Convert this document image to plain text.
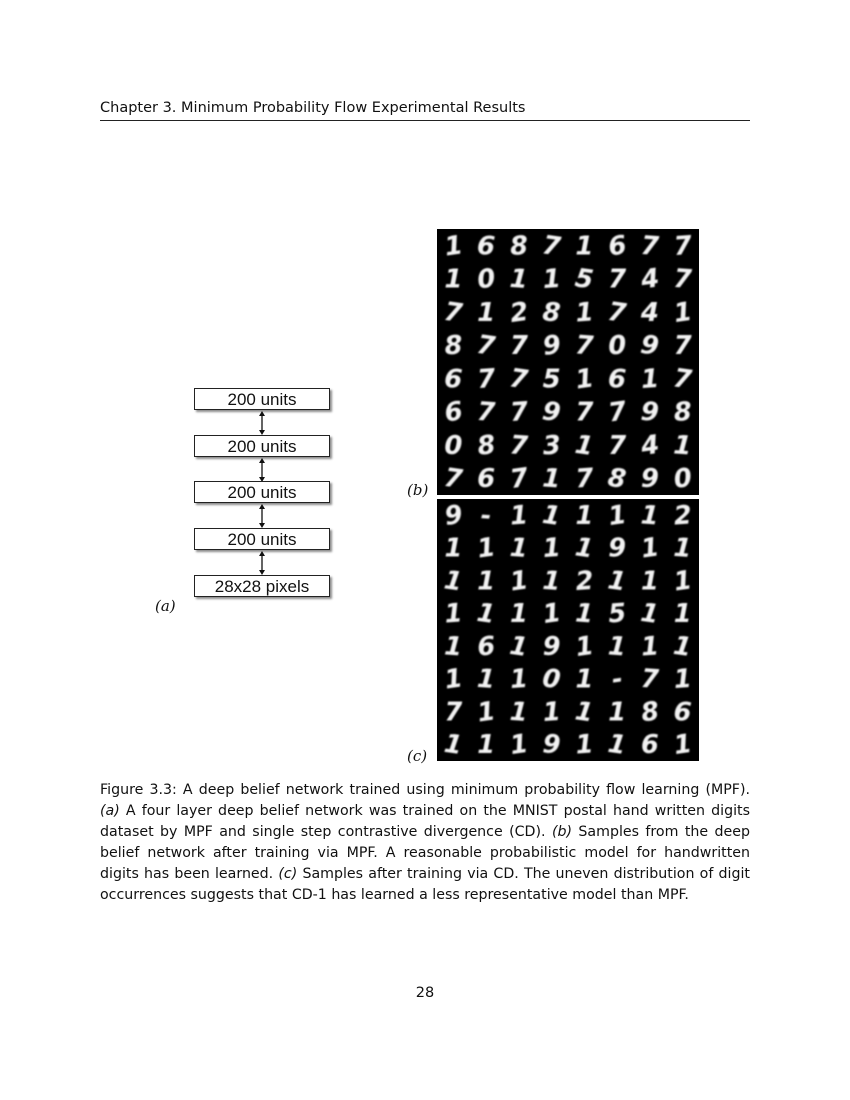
Chapter 3. Minimum Probability Flow Experimental Results
200 units
200 units
200 units
200 units
28x28 pixels
(a)
(b)
(c)
1 6 8 7 1 6 7 7
1 0 1 1 5 7 4 7
7 1 2 8 1 7 4 1
8 7 7 9 7 0 9 7
6 7 7 5 1 6 1 7
6 7 7 9 7 7 9 8
0 8 7 3 1 7 4 1
7 6 7 1 7 8 9 0
9 - 1 1 1 1 1 2
1 1 1 1 1 9 1 1
1 1 1 1 2 1 1 1
1 1 1 1 1 5 1 1
1 6 1 9 1 1 1 1
1 1 1 0 1 - 7 1
7 1 1 1 1 1 8 6
1 1 1 9 1 1 6 1
Figure 3.3: A deep belief network trained using minimum probability flow learning (MPF). (a) A four layer deep belief network was trained on the MNIST postal hand written digits dataset by MPF and single step contrastive divergence (CD). (b) Samples from the deep belief network after training via MPF. A reasonable probabilistic model for handwritten digits has been learned. (c) Samples after training via CD. The uneven distribution of digit occurrences suggests that CD-1 has learned a less representative model than MPF.
28
